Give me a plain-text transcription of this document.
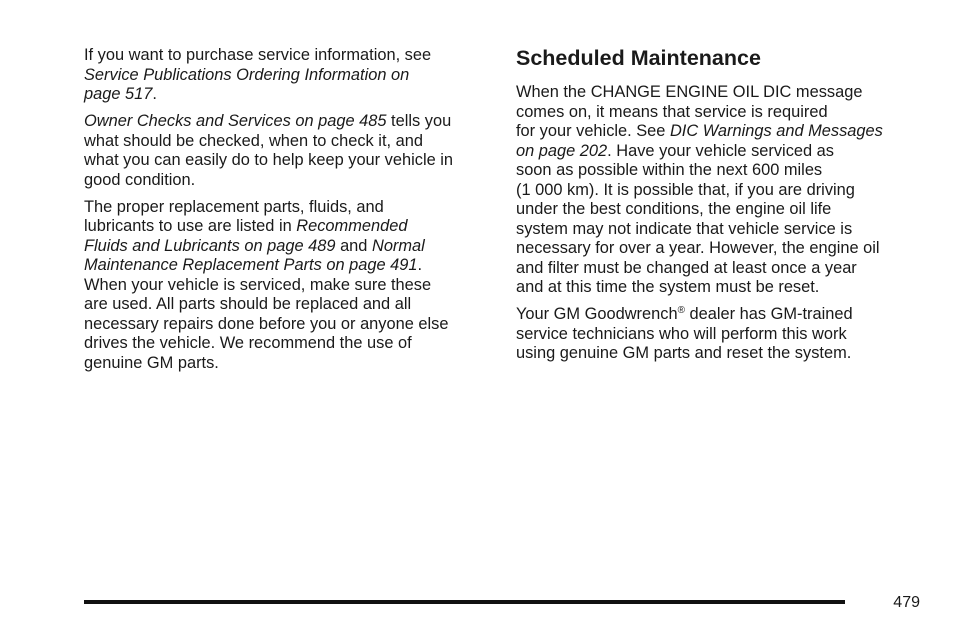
If you want to purchase service information, see
Service Publications Ordering Information on
page 517.

Owner Checks and Services on page 485 tells you
what should be checked, when to check it, and
what you can easily do to help keep your vehicle in
good condition.

The proper replacement parts, fluids, and
lubricants to use are listed in Recommended
Fluids and Lubricants on page 489 and Normal
Maintenance Replacement Parts on page 491.
When your vehicle is serviced, make sure these
are used. All parts should be replaced and all
necessary repairs done before you or anyone else
drives the vehicle. We recommend the use of
genuine GM parts.

Scheduled Maintenance

When the CHANGE ENGINE OIL DIC message
comes on, it means that service is required
for your vehicle. See DIC Warnings and Messages
on page 202. Have your vehicle serviced as
soon as possible within the next 600 miles
(1 000 km). It is possible that, if you are driving
under the best conditions, the engine oil life
system may not indicate that vehicle service is
necessary for over a year. However, the engine oil
and filter must be changed at least once a year
and at this time the system must be reset.

Your GM Goodwrench® dealer has GM-trained
service technicians who will perform this work
using genuine GM parts and reset the system.

479
